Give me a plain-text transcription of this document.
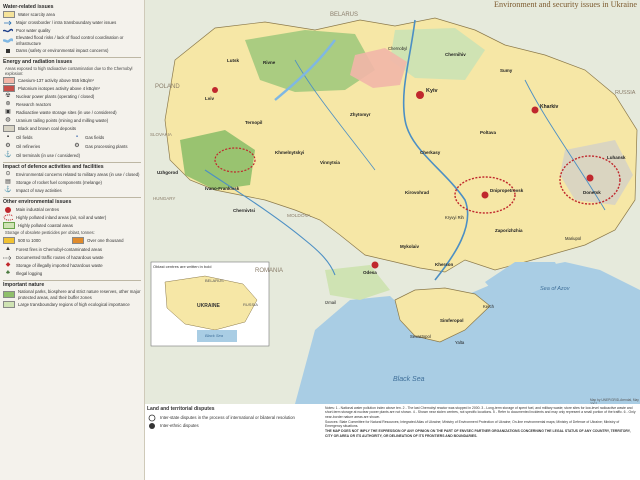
Water-related issues
Water scarcity area
Major crossborder / intra transboundary water issues
Poor water quality
Elevated flood risks / lack of flood control coordination or infrastructure
Dams (safety or environmental impact concerns)
Energy and radiation issues
Areas exposed to high radioactive contamination due to the Chernobyl explosion:
Caesium-137 activity above 555 kBq/m²
Plutonium isotopes activity above 4 kBq/m²
☢	Nuclear power plants (operating / closed)
⊛	Research reactors
▣	Radioactive waste storage sites (in use / considered)
◍	Uranium tailing points (mining and milling waste)
Black and brown coal deposits
▪	Oil fields	▪	Gas fields
⚙	Oil refineries	⚙	Gas processing plants
⚓ Oil terminals (in use / considered)
Impact of defence activities and facilities
⊙	Environmental concerns related to military areas (in use / closed)
▤	Storage of rocket fuel components (melange)
⚓ Impact of navy activities
Other environmental issues
Main industrial centres
Highly polluted inland areas (air, soil and water)
Highly polluted coastal areas
Storage of obsolete pesticides per oblast, tonnes:
500 to 1000	Over one thousand
▲	Forest fires in Chernobyl-contaminated areas
Documented traffic routes of hazardous waste
◆	Storage of illegally imported hazardous waste
♣	Illegal logging
Important nature
National parks, biosphere and strict nature reserves, other major protected areas, and their buffer zones
Large transboundary regions of high ecological importance
Environment and security issues in Ukraine
BELARUS
POLAND
SLOVAKIA
HUNGARY
MOLDOVA
ROMANIA
RUSSIA
Black Sea
Sea of Azov
Kyiv
Chernobyl
Zhytomyr
Lviv
Rivne
Lutsk
Ternopil
Khmelnytskyi
Vinnytsia
Ivano-Frankivsk
Uzhgorod
Chernivtsi
Cherkasy
Kirovohrad
Poltava
Kharkiv
Dnipropetrovsk
Zaporizhzhia
Donetsk
Luhansk
Mykolaiv
Odesa
Kherson
Simferopol
Sevastopol
Kerch
Sumy
Chernihiv
Kryvyi Rih
Mariupol
Izmail
Yalta
Oblast centres are written in bold
BELARUS
RUSSIA
UKRAINE
Black Sea
Land and territorial disputes
Inter-state disputes in the process of international or bilateral resolution
Inter-ethnic disputes
Map by UNEP/GRID-Arendal, May

Notes: 1 - National water pollution index above ten. 2 - The last Chernobyl reactor was stopped in 2000. 3 - Long-term storage of spent fuel, and military waste; store sites for low-level radioactive waste and short-term storage at nuclear power plants are not shown. 4 - Shown near stolen centres, not specific locations. 5 - Refer to documented incidents and may only represent a small portion of the traffic. 6 - Only near-border nature areas are shown.

Sources: State Committee for Natural Resources; Integrated Atlas of Ukraine; Ministry of Environment Protection of Ukraine; On-line environmental maps; Ministry of Defence of Ukraine; Ministry of Emergency situations.

THE MAP DOES NOT IMPLY THE EXPRESSION OF ANY OPINION ON THE PART OF ENVSEC PARTNER ORGANIZATIONS CONCERNING THE LEGAL STATUS OF ANY COUNTRY, TERRITORY, CITY OR AREA OR ITS AUTHORITY, OR DELINEATION OF ITS FRONTIERS AND BOUNDARIES.
